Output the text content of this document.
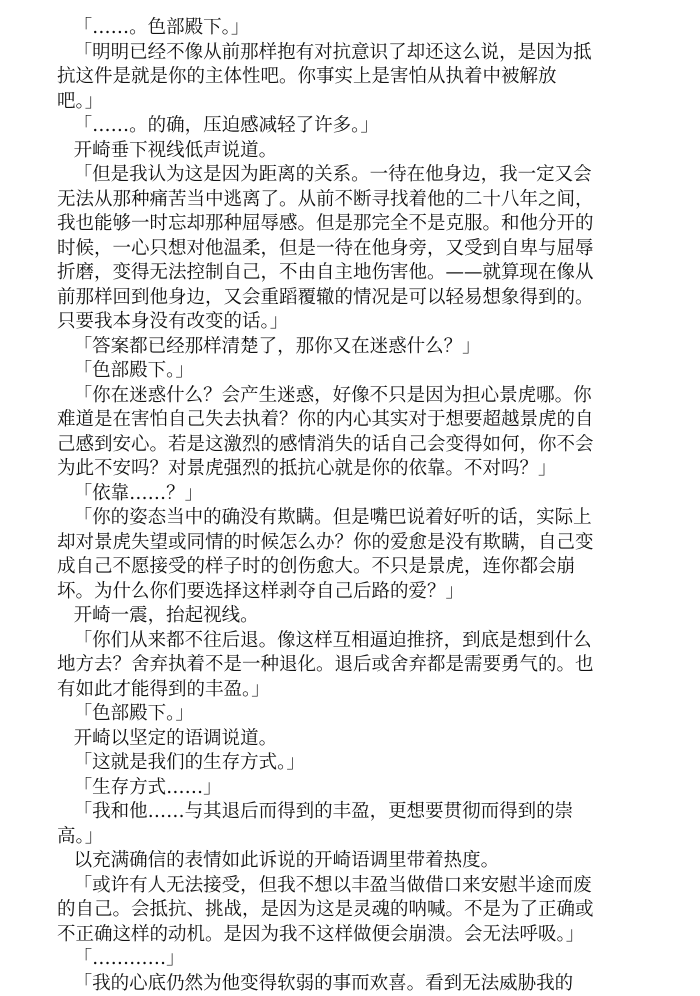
「……。色部殿下。」

「明明已经不像从前那样抱有对抗意识了却还这么说，是因为抵
抗这件是就是你的主体性吧。你事实上是害怕从执着中被解放
吧。」

「……。的确，压迫感减轻了许多。」

开崎垂下视线低声说道。

「但是我认为这是因为距离的关系。一待在他身边，我一定又会
无法从那种痛苦当中逃离了。从前不断寻找着他的二十八年之间，
我也能够一时忘却那种屈辱感。但是那完全不是克服。和他分开的
时候，一心只想对他温柔，但是一待在他身旁，又受到自卑与屈辱
折磨，变得无法控制自己，不由自主地伤害他。——就算现在像从
前那样回到他身边，又会重蹈覆辙的情况是可以轻易想象得到的。
只要我本身没有改变的话。」

「答案都已经那样清楚了，那你又在迷惑什么？」

「色部殿下。」

「你在迷惑什么？会产生迷惑，好像不只是因为担心景虎哪。你
难道是在害怕自己失去执着？你的内心其实对于想要超越景虎的自
己感到安心。若是这激烈的感情消失的话自己会变得如何，你不会
为此不安吗？对景虎强烈的抵抗心就是你的依靠。不对吗？」

「依靠……？」

「你的姿态当中的确没有欺瞒。但是嘴巴说着好听的话，实际上
却对景虎失望或同情的时候怎么办？你的爱愈是没有欺瞒，自己变
成自己不愿接受的样子时的创伤愈大。不只是景虎，连你都会崩
坏。为什么你们要选择这样剥夺自己后路的爱？」

开崎一震，抬起视线。

「你们从来都不往后退。像这样互相逼迫推挤，到底是想到什么
地方去？舍弃执着不是一种退化。退后或舍弃都是需要勇气的。也
有如此才能得到的丰盈。」

「色部殿下。」

开崎以坚定的语调说道。

「这就是我们的生存方式。」

「生存方式……」

「我和他……与其退后而得到的丰盈，更想要贯彻而得到的崇
高。」

以充满确信的表情如此诉说的开崎语调里带着热度。

「或许有人无法接受，但我不想以丰盈当做借口来安慰半途而废
的自己。会抵抗、挑战，是因为这是灵魂的呐喊。不是为了正确或
不正确这样的动机。是因为我不这样做便会崩溃。会无法呼吸。」

「…………」

「我的心底仍然为他变得软弱的事而欢喜。看到无法威胁我的
